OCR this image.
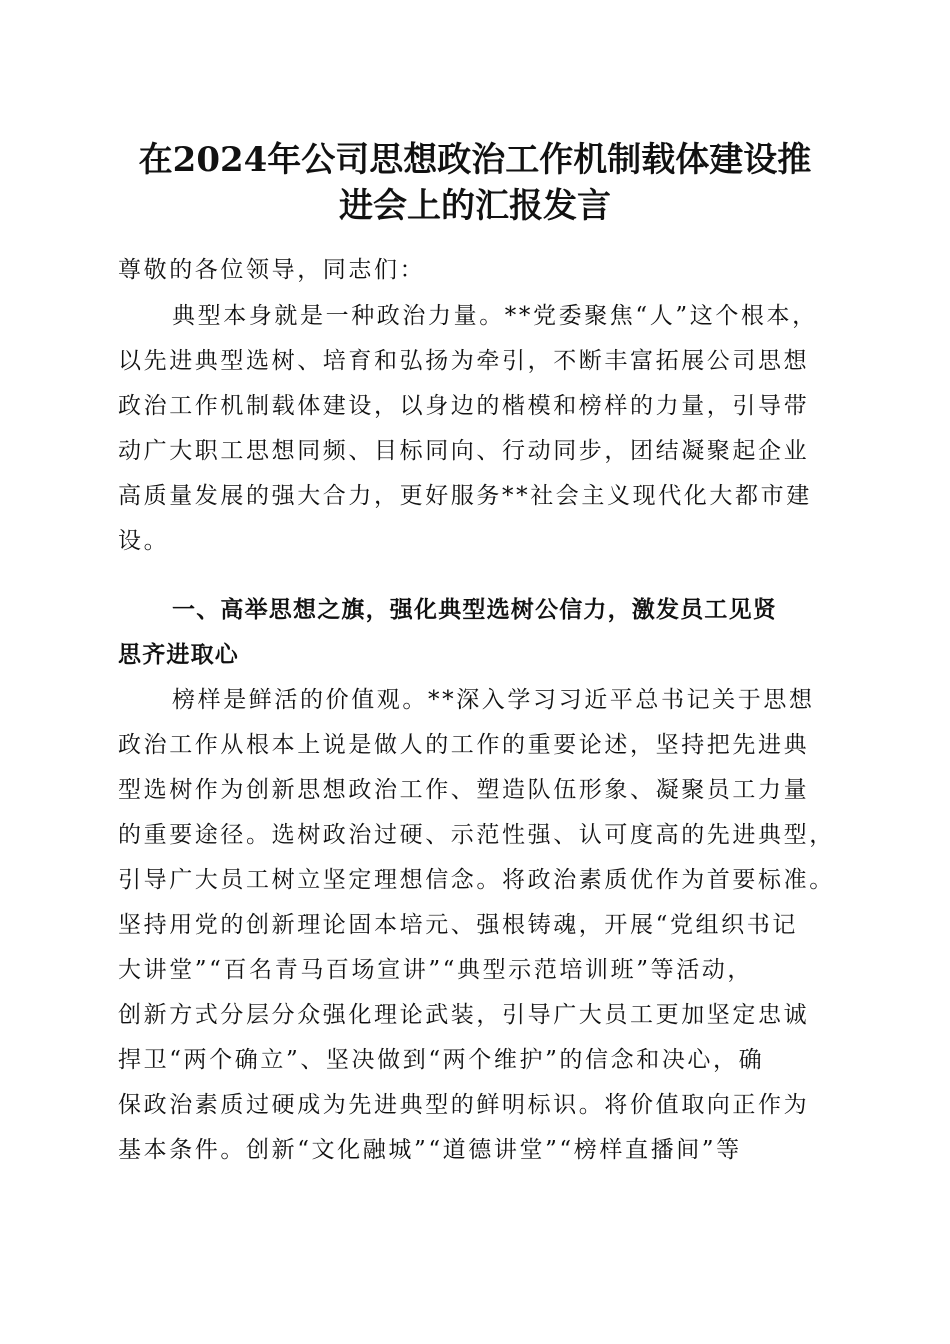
在2024年公司思想政治工作机制载体建设推
进会上的汇报发言
尊敬的各位领导，同志们：
典型本身就是一种政治力量。**党委聚焦“人”这个根本，
以先进典型选树、培育和弘扬为牵引，不断丰富拓展公司思想
政治工作机制载体建设，以身边的楷模和榜样的力量，引导带
动广大职工思想同频、目标同向、行动同步，团结凝聚起企业
高质量发展的强大合力，更好服务**社会主义现代化大都市建
设。
一、高举思想之旗，强化典型选树公信力，激发员工见贤
思齐进取心
榜样是鲜活的价值观。**深入学习习近平总书记关于思想
政治工作从根本上说是做人的工作的重要论述，坚持把先进典
型选树作为创新思想政治工作、塑造队伍形象、凝聚员工力量
的重要途径。选树政治过硬、示范性强、认可度高的先进典型，
引导广大员工树立坚定理想信念。将政治素质优作为首要标准。
坚持用党的创新理论固本培元、强根铸魂，开展“党组织书记
大讲堂”“百名青马百场宣讲”“典型示范培训班”等活动，
创新方式分层分众强化理论武装，引导广大员工更加坚定忠诚
捍卫“两个确立”、坚决做到“两个维护”的信念和决心，确
保政治素质过硬成为先进典型的鲜明标识。将价值取向正作为
基本条件。创新“文化融城”“道德讲堂”“榜样直播间”等
